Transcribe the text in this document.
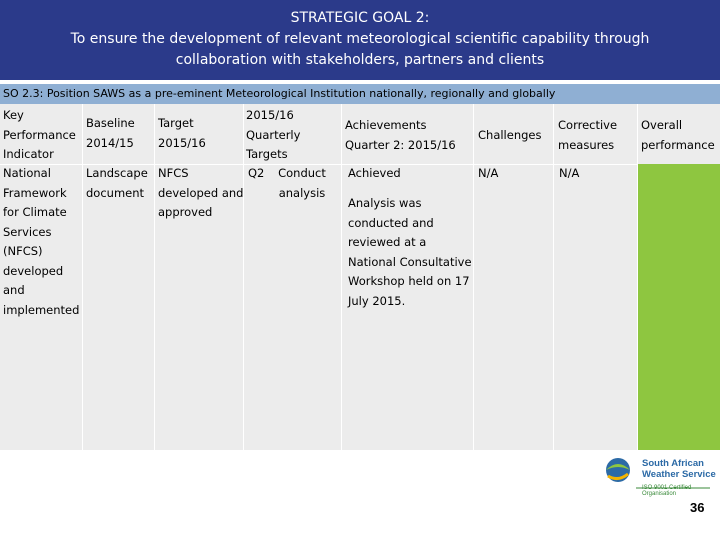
STRATEGIC GOAL 2:
To ensure the development of relevant meteorological scientific capability through
collaboration with stakeholders, partners and clients
SO 2.3: Position SAWS as a pre-eminent Meteorological Institution nationally, regionally and globally
Key
Performance
Indicator
Baseline
2014/15
Target
2015/16
2015/16
Quarterly
Targets
Achievements
Quarter 2: 2015/16
Challenges
Corrective
measures
Overall
performance
National
Framework
for Climate
Services
(NFCS)
developed
and
implemented
Landscape
document
NFCS
developed and
approved
Q2	Conduct
analysis
Achieved
Analysis was
conducted and
reviewed at a
National Consultative
Workshop held on 17
July 2015.
N/A	N/A
South African
Weather Service
ISO 9001 Certified Organisation
36
